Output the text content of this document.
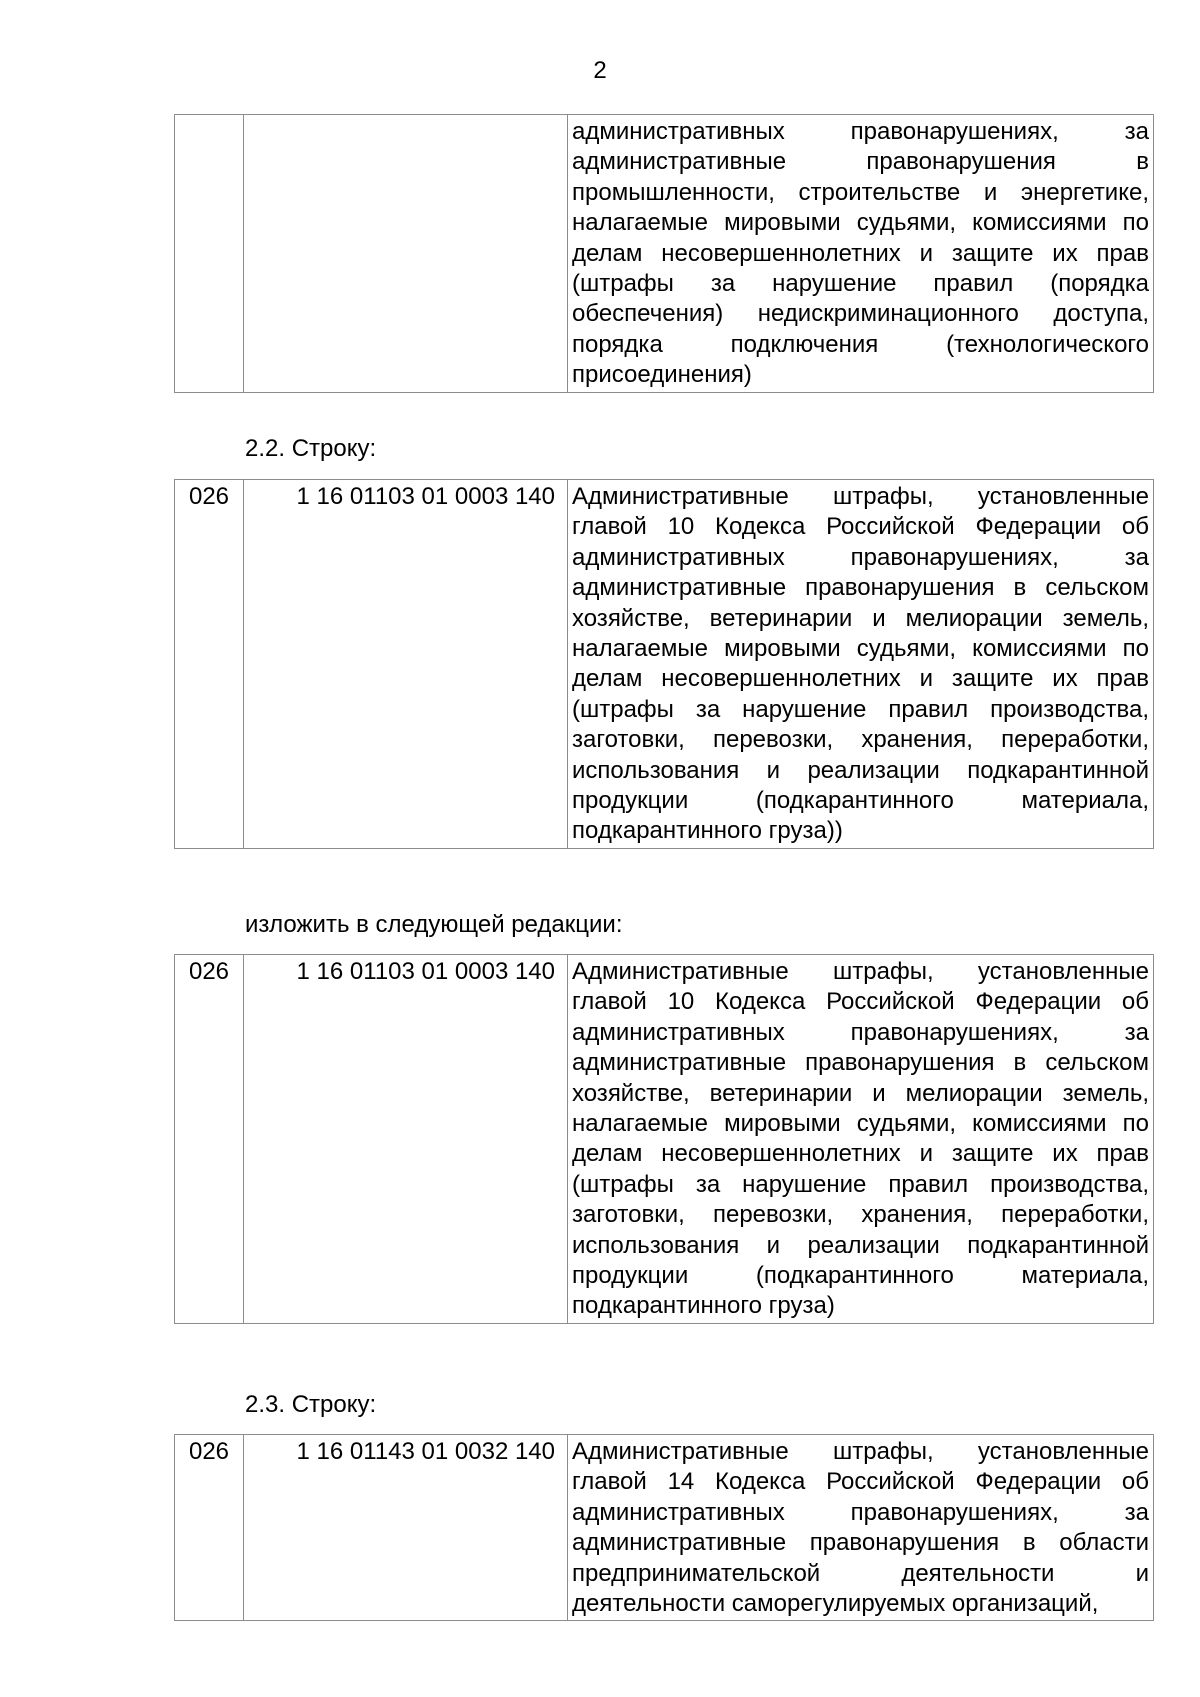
2
		административных правонарушениях, за административные правонарушения в промышленности, строительстве и энергетике, налагаемые мировыми судьями, комиссиями по делам несовершеннолетних и защите их прав (штрафы за нарушение правил (порядка обеспечения) недискриминационного доступа, порядка подключения (технологического присоединения)
2.2. Строку:
026	1 16 01103 01 0003 140	Административные штрафы, установленные главой 10 Кодекса Российской Федерации об административных правонарушениях, за административные правонарушения в сельском хозяйстве, ветеринарии и мелиорации земель, налагаемые мировыми судьями, комиссиями по делам несовершеннолетних и защите их прав (штрафы за нарушение правил производства, заготовки, перевозки, хранения, переработки, использования и реализации подкарантинной продукции (подкарантинного материала, подкарантинного груза))
изложить в следующей редакции:
026	1 16 01103 01 0003 140	Административные штрафы, установленные главой 10 Кодекса Российской Федерации об административных правонарушениях, за административные правонарушения в сельском хозяйстве, ветеринарии и мелиорации земель, налагаемые мировыми судьями, комиссиями по делам несовершеннолетних и защите их прав (штрафы за нарушение правил производства, заготовки, перевозки, хранения, переработки, использования и реализации подкарантинной продукции (подкарантинного материала, подкарантинного груза)
2.3. Строку:
026	1 16 01143 01 0032 140	Административные штрафы, установленные главой 14 Кодекса Российской Федерации об административных правонарушениях, за административные правонарушения в области предпринимательской деятельности и деятельности саморегулируемых организаций,
